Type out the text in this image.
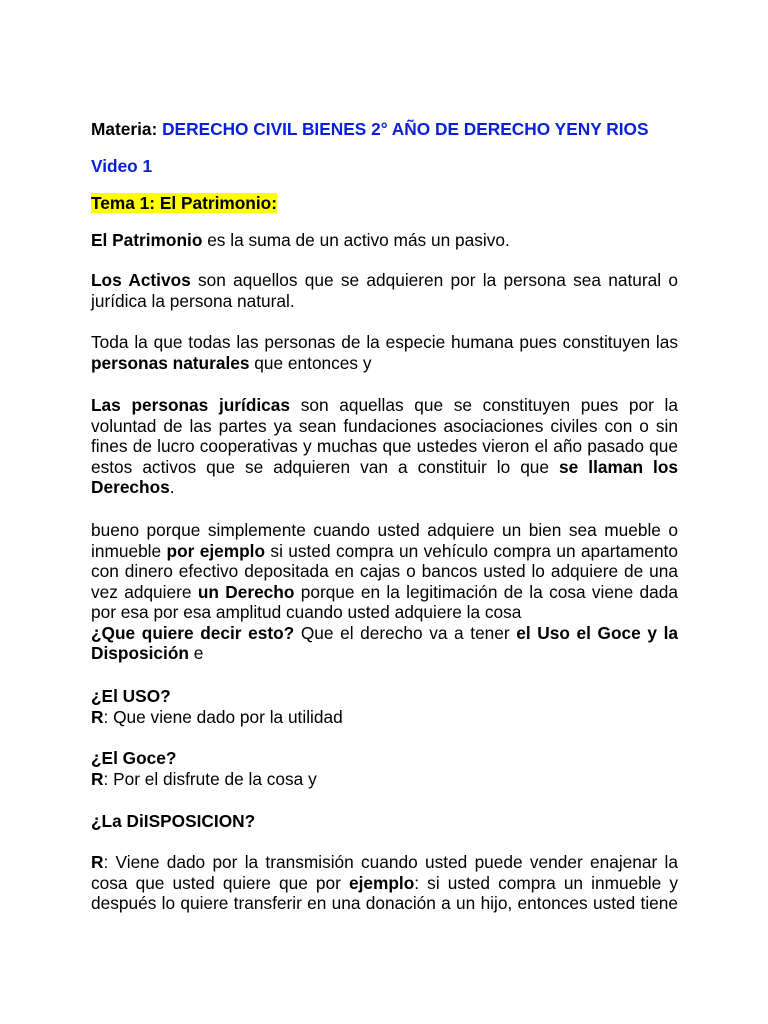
Materia: DERECHO CIVIL BIENES 2° AÑO DE DERECHO YENY RIOS

Video 1

Tema 1: El Patrimonio:

El Patrimonio es la suma de un activo más un pasivo.

Los Activos son aquellos que se adquieren por la persona sea natural o
jurídica la persona natural.
Toda la que todas las personas de la especie humana pues constituyen las
personas naturales que entonces y
Las personas jurídicas son aquellas que se constituyen pues por la
voluntad de las partes ya sean fundaciones asociaciones civiles con o sin
fines de lucro cooperativas y muchas que ustedes vieron el año pasado que
estos activos que se adquieren van a constituir lo que se llaman los
Derechos.
bueno porque simplemente cuando usted adquiere un bien sea mueble o
inmueble por ejemplo si usted compra un vehículo compra un apartamento
con dinero efectivo depositada en cajas o bancos usted lo adquiere de una
vez adquiere un Derecho porque en la legitimación de la cosa viene dada
por esa por esa amplitud cuando usted adquiere la cosa
¿Que quiere decir esto? Que el derecho va a tener el Uso el Goce y la
Disposición e
¿El USO?
R: Que viene dado por la utilidad
¿El Goce?
R: Por el disfrute de la cosa y

¿La DiISPOSICION?

R: Viene dado por la transmisión cuando usted puede vender enajenar la
cosa que usted quiere que por ejemplo: si usted compra un inmueble y
después lo quiere transferir en una donación a un hijo, entonces usted tiene
